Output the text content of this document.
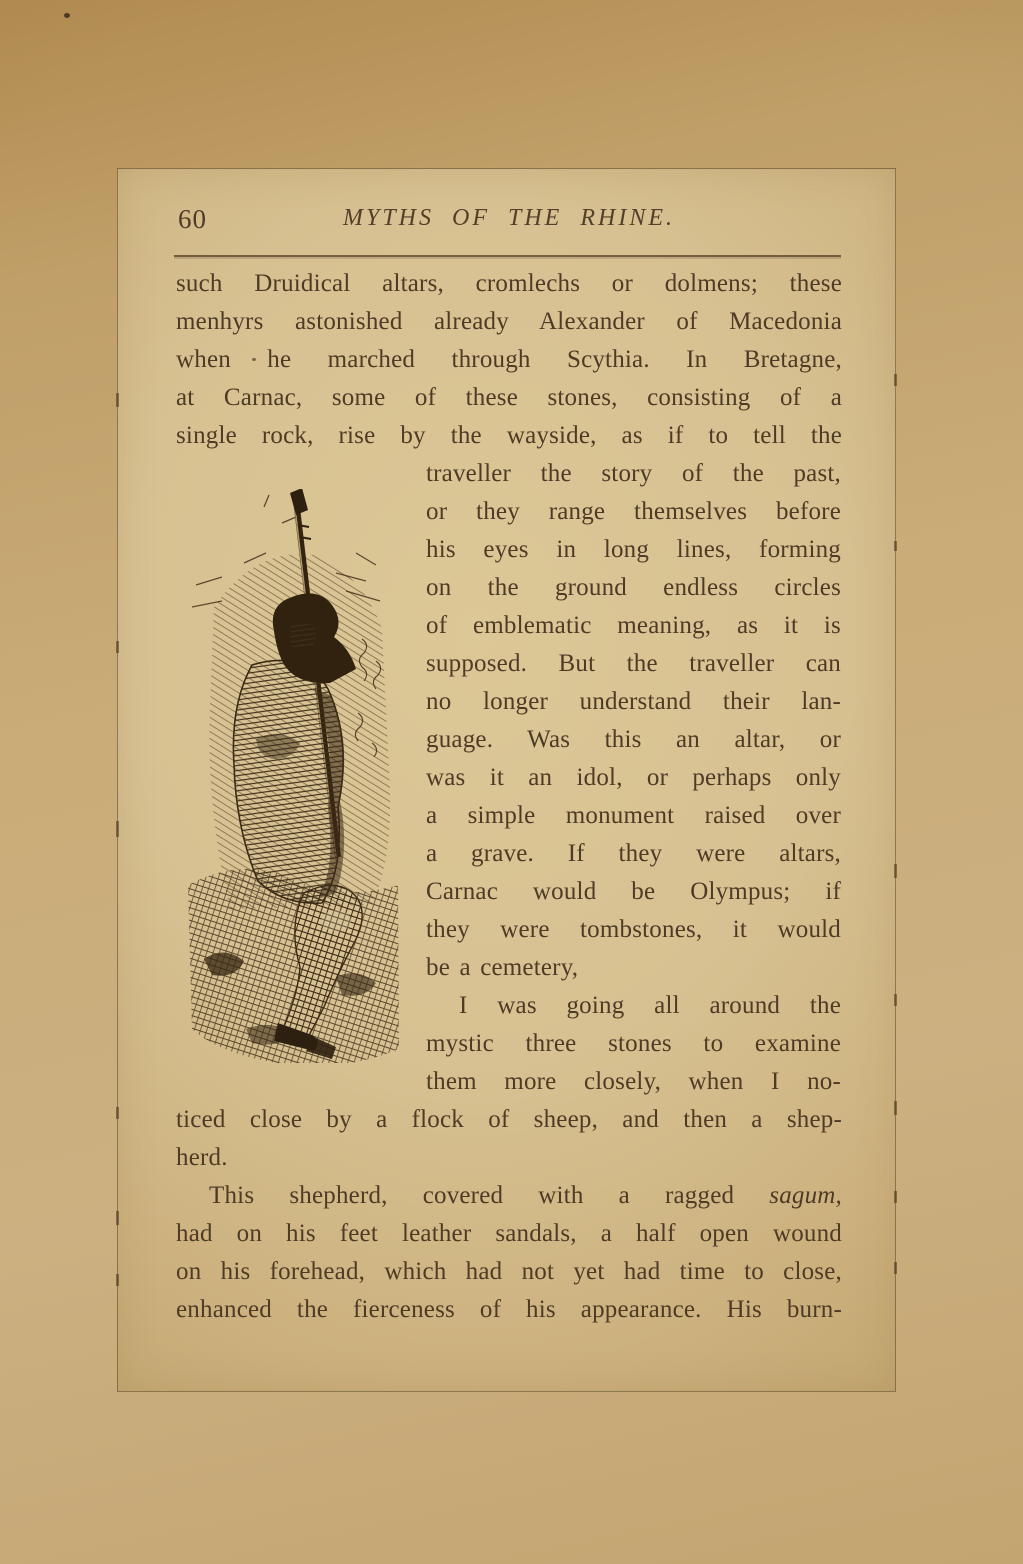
60	MYTHS OF THE RHINE.
such Druidical altars, cromlechs or dolmens; these
menhyrs astonished already Alexander of Macedonia
when he marched through Scythia. In Bretagne,
at Carnac, some of these stones, consisting of a
single rock, rise by the wayside, as if to tell the
traveller the story of the past,
or they range themselves before
his eyes in long lines, forming
on the ground endless circles
of emblematic meaning, as it is
supposed. But the traveller can
no longer understand their lan-
guage. Was this an altar, or
was it an idol, or perhaps only
a simple monument raised over
a grave. If they were altars,
Carnac would be Olympus; if
they were tombstones, it would
be a cemetery,
I was going all around the
mystic three stones to examine
them more closely, when I no-
ticed close by a flock of sheep, and then a shep-
herd.
This shepherd, covered with a ragged sagum,
had on his feet leather sandals, a half open wound
on his forehead, which had not yet had time to close,
enhanced the fierceness of his appearance. His burn-
